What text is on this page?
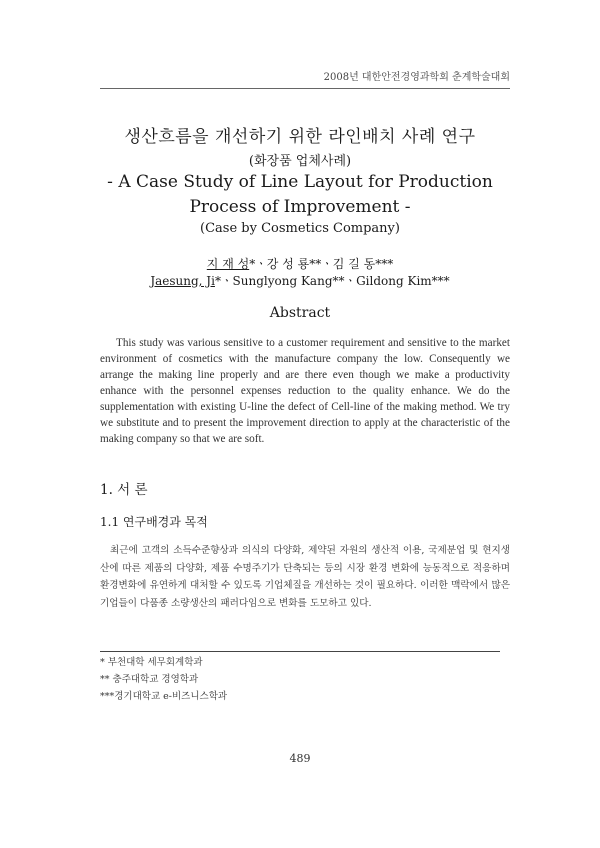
2008년 대한안전경영과학회 춘계학술대회
생산흐름을 개선하기 위한 라인배치 사례 연구
(화장품 업체사례)
- A Case Study of Line Layout for Production
Process of Improvement -
(Case by Cosmetics Company)
지 재 성*ㆍ강 성 룡**ㆍ김 길 동***
Jaesung, Ji*ㆍSunglyong Kang**ㆍGildong Kim***
Abstract
This study was various sensitive to a customer requirement and sensitive to the market environment of cosmetics with the manufacture company the low. Consequently we arrange the making line properly and are there even though we make a productivity enhance with the personnel expenses reduction to the quality enhance. We do the supplementation with existing U-line the defect of Cell-line of the making method. We try we substitute and to present the improvement direction to apply at the characteristic of the making company so that we are soft.
1. 서 론
1.1 연구배경과 목적
최근에 고객의 소득수준향상과 의식의 다양화, 제약된 자원의 생산적 이용, 국제분업 및 현지생산에 따른 제품의 다양화, 제품 수명주기가 단축되는 등의 시장 환경 변화에 능동적으로 적응하며 환경변화에 유연하게 대처할 수 있도록 기업체질을 개선하는 것이 필요하다. 이러한 맥락에서 많은 기업들이 다품종 소량생산의 패러다임으로 변화를 도모하고 있다.
* 부천대학 세무회계학과
** 충주대학교 경영학과
***경기대학교 e-비즈니스학과
489
